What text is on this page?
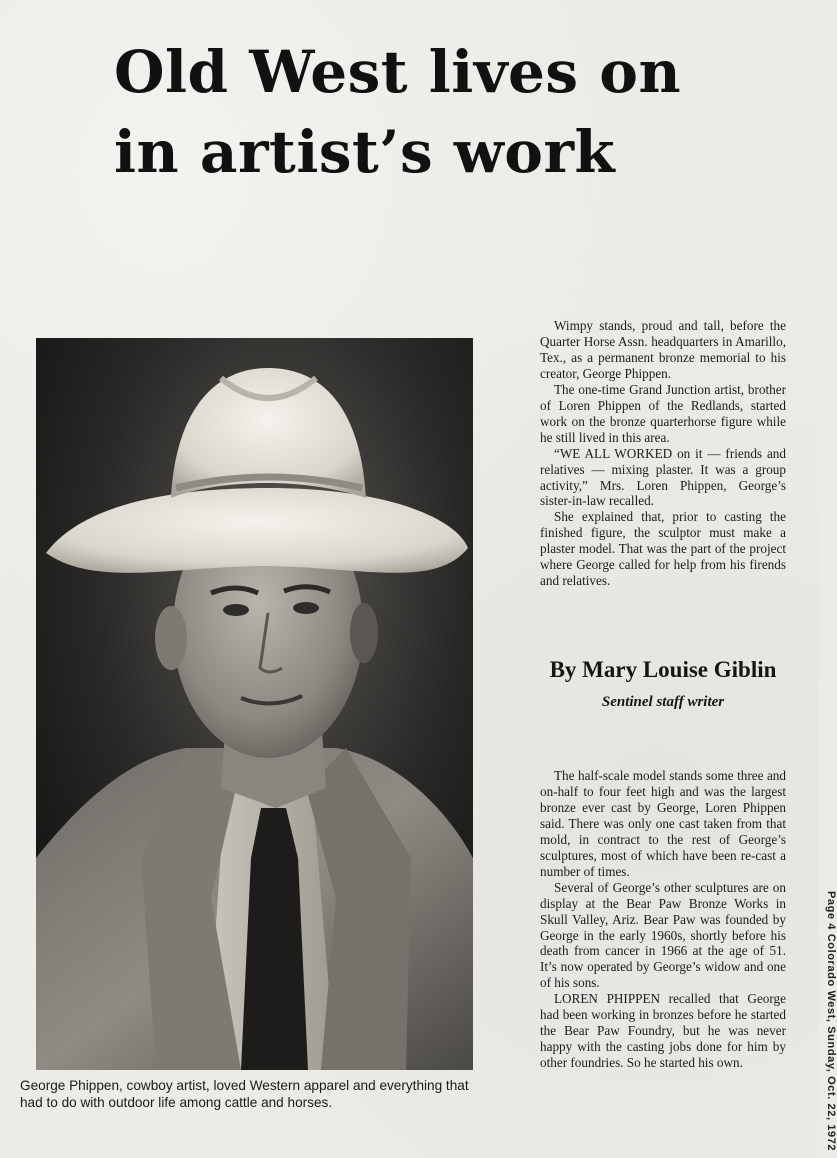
Old West lives on
in artist’s work

George Phippen, cowboy artist, loved Western apparel and everything that had to do with outdoor life among cattle and horses.

Wimpy stands, proud and tall, before the Quarter Horse Assn. headquarters in Amarillo, Tex., as a permanent bronze memorial to his creator, George Phippen.

The one-time Grand Junction artist, brother of Loren Phippen of the Redlands, started work on the bronze quarterhorse figure while he still lived in this area.

“WE ALL WORKED on it — friends and relatives — mixing plaster. It was a group activity,” Mrs. Loren Phippen, George’s sister-in-law recalled.

She explained that, prior to casting the finished figure, the sculptor must make a plaster model. That was the part of the project where George called for help from his firends and relatives.

By Mary Louise Giblin
Sentinel staff writer

The half-scale model stands some three and on-half to four feet high and was the largest bronze ever cast by George, Loren Phippen said. There was only one cast taken from that mold, in contract to the rest of George’s sculptures, most of which have been re-cast a number of times.

Several of George’s other sculptures are on display at the Bear Paw Bronze Works in Skull Valley, Ariz. Bear Paw was founded by George in the early 1960s, shortly before his death from cancer in 1966 at the age of 51. It’s now operated by George’s widow and one of his sons.

LOREN PHIPPEN recalled that George had been working in bronzes before he started the Bear Paw Foundry, but he was never happy with the casting jobs done for him by other foundries. So he started his own.	Page 4 Colorado West, Sunday, Oct. 22, 1972
